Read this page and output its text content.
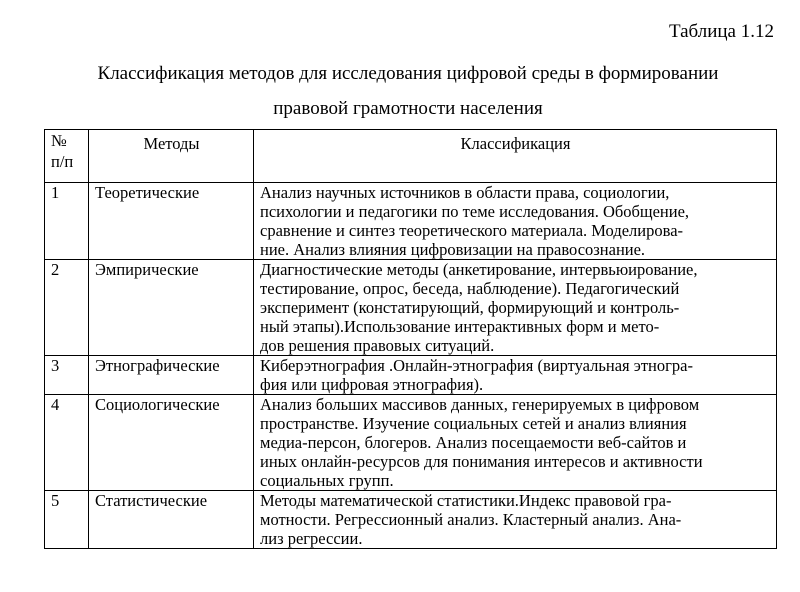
Таблица 1.12
Классификация методов для исследования цифровой среды в формировании
правовой грамотности населения
№
п/п	Методы	Классификация
1	Теоретические	Анализ научных источников в области права, социологии,
психологии и педагогики по теме исследования. Обобщение,
сравнение и синтез теоретического материала. Моделирова-
ние. Анализ влияния цифровизации на правосознание.

2	Эмпирические	Диагностические методы (анкетирование, интервьюирование,
тестирование, опрос, беседа, наблюдение). Педагогический
эксперимент (констатирующий, формирующий и контроль-
ный этапы).Использование интерактивных форм и мето-
дов решения правовых ситуаций.

3	Этнографические	Киберэтнография .Онлайн-этнография (виртуальная этногра-
фия или цифровая этнография).

4	Социологические	Анализ больших массивов данных, генерируемых в цифровом
пространстве. Изучение социальных сетей и анализ влияния
медиа-персон, блогеров. Анализ посещаемости веб-сайтов и
иных онлайн-ресурсов для понимания интересов и активности
социальных групп.

5	Статистические	Методы математической статистики.Индекс правовой гра-
мотности. Регрессионный анализ. Кластерный анализ. Ана-
лиз регрессии.
